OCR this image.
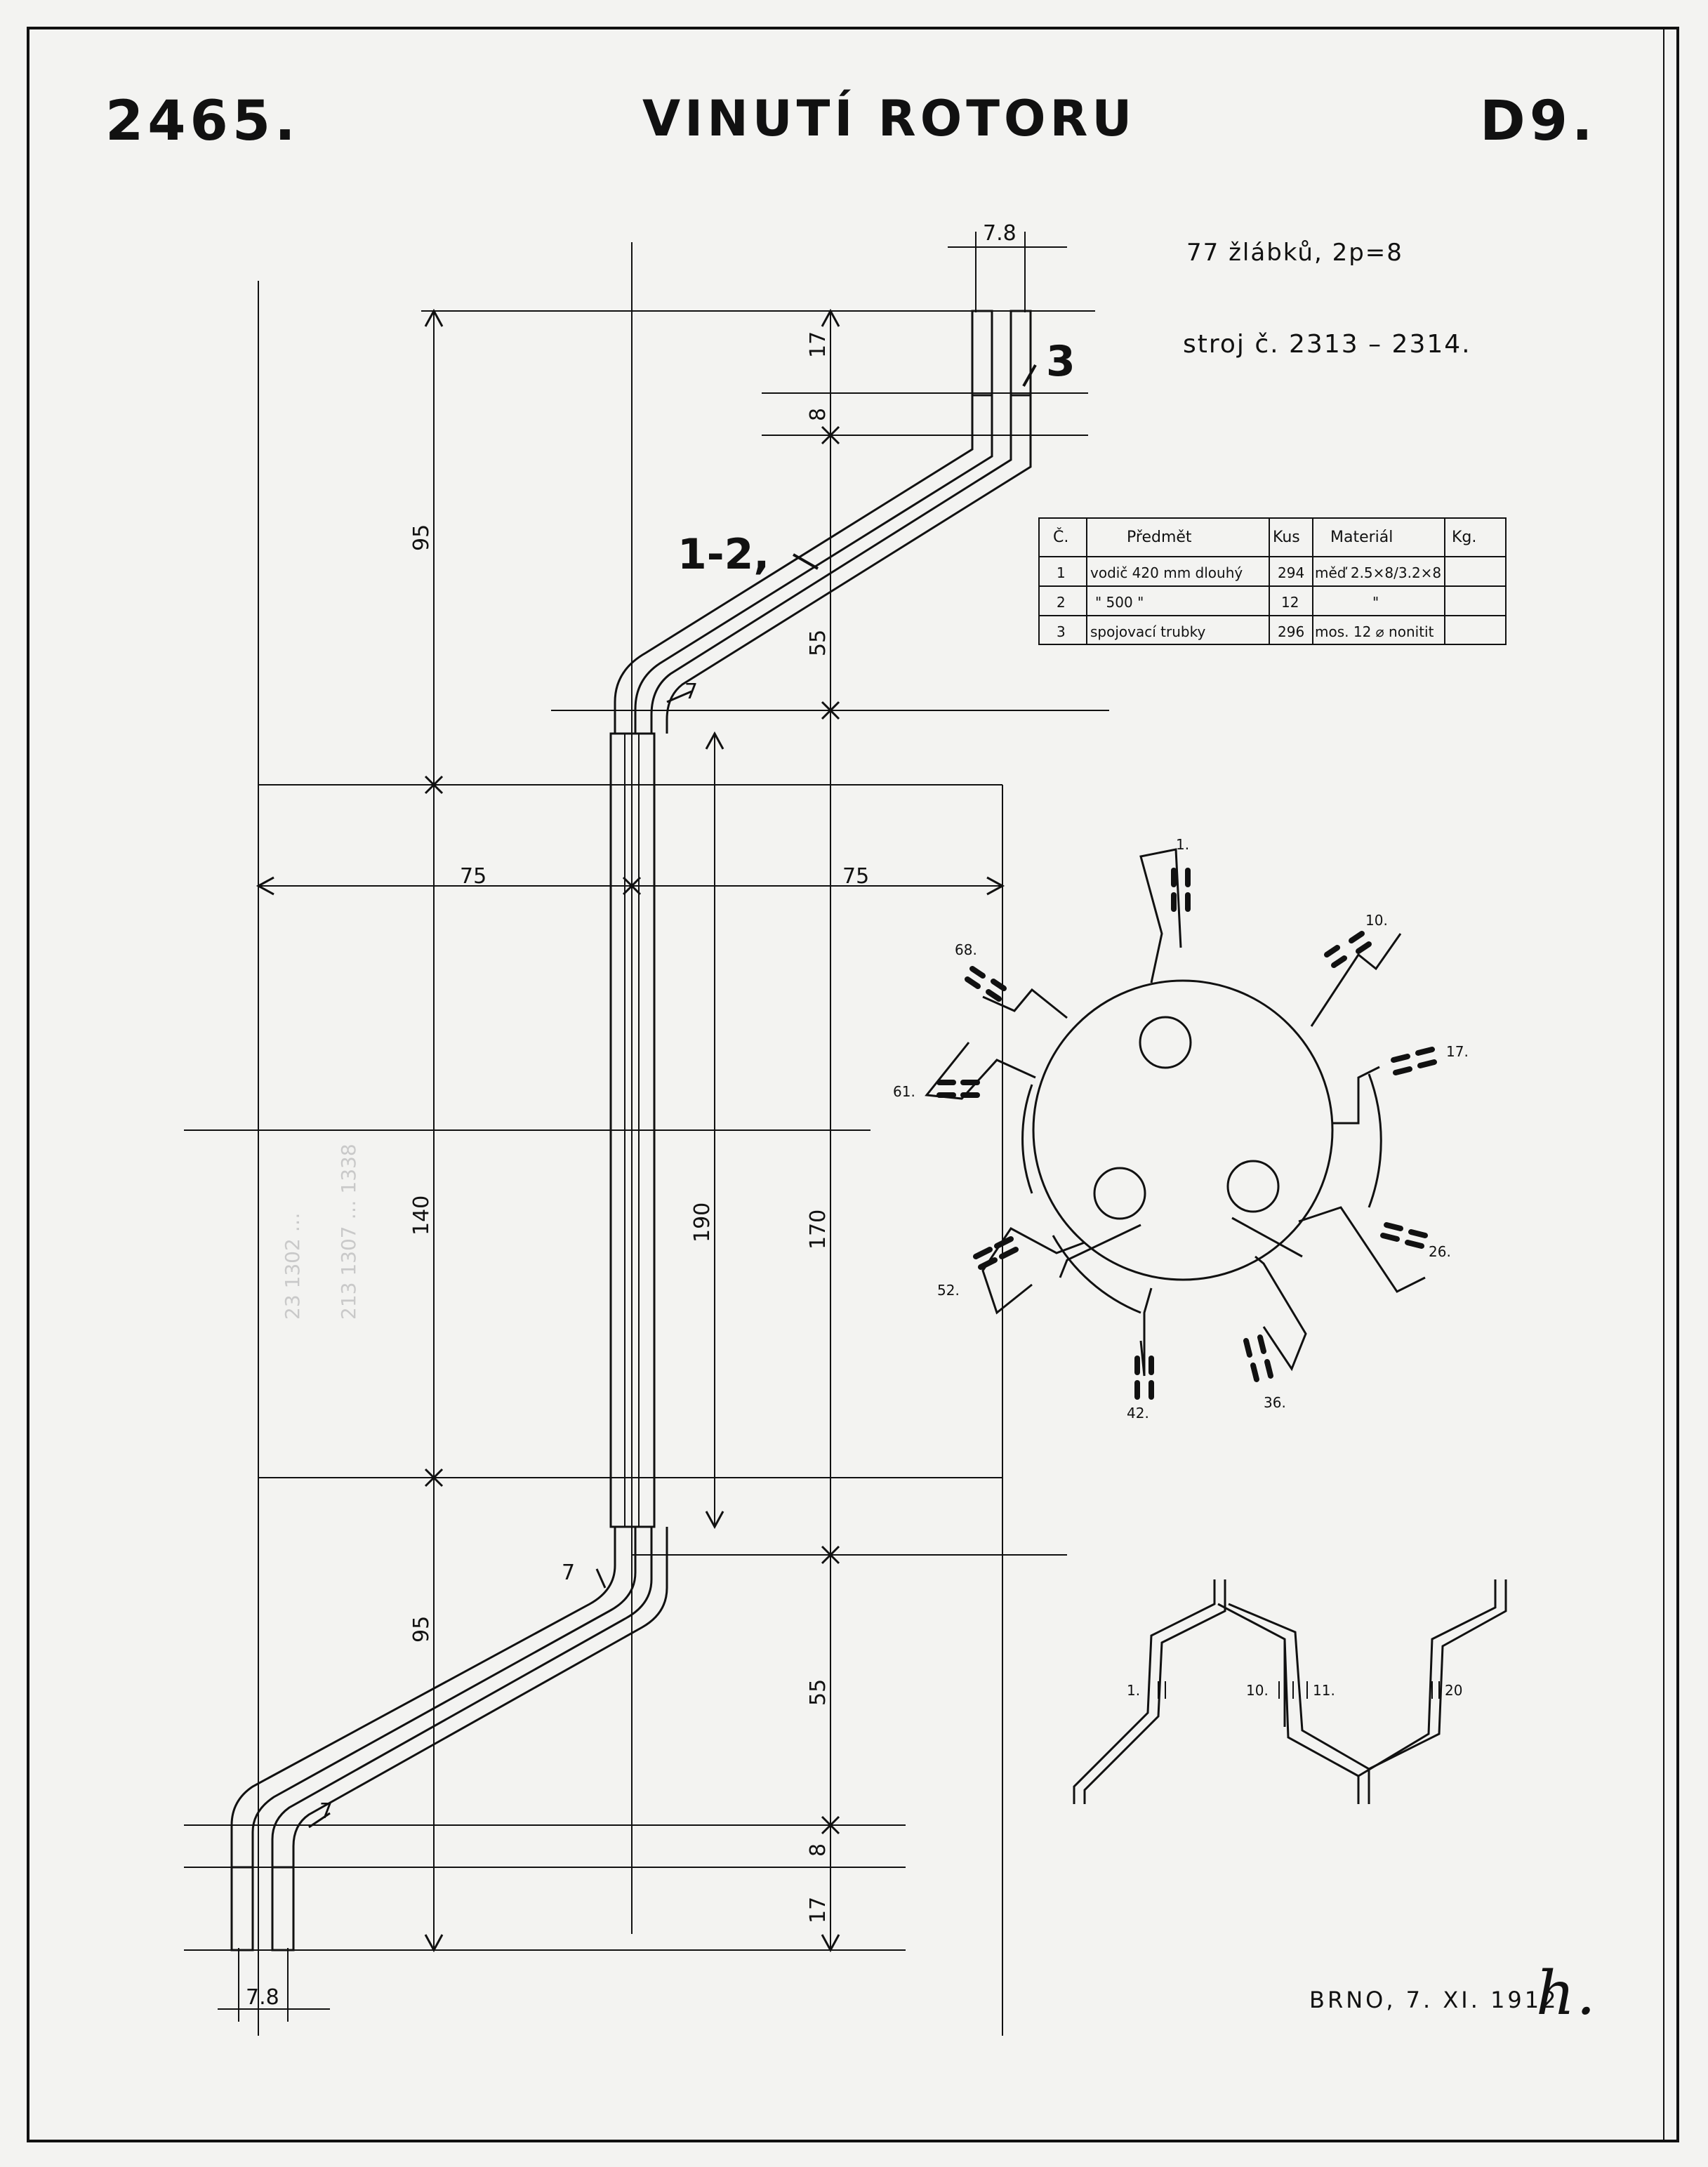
1-2,
3
7.8
7.8
17
8
95
55
75	75
140	190	170
95
55
8
17
7
7
7
Č.	Předmět	Kus Materiál	Kg.
1 vodič 420 mm dlouhý 294 měď 2.5×8/3.2×8
2 " 500 "	12	"
3 spojovací trubky	296 mos. 12 ⌀ nonitit
1.
10.
17.
26.
36.
42.
52.
61.
68.
1.	10.	11.	20
2465.	VINUTÍ ROTORU	D9.
77 žlábků, 2p=8
stroj č. 2313 – 2314.
23 1302 … 213 1307 … 1338
BRNO, 7. XI. 1912.
h.
